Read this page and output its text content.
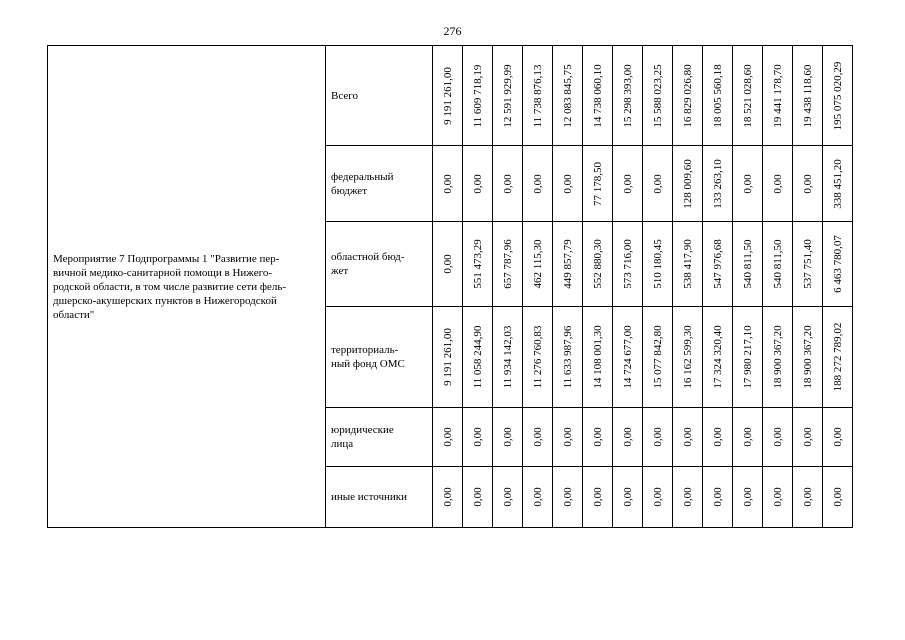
276
Мероприятие 7 Подпрограммы 1 "Развитие пер-
вичной медико-санитарной помощи в Нижего-
родской области, в том числе развитие сети фель-
дшерско-акушерских пунктов в Нижегородской
области"	Всего	9 191 261,00	11 609 718,19	12 591 929,99	11 738 876,13	12 083 845,75	14 738 060,10	15 298 393,00	15 588 023,25	16 829 026,80	18 005 560,18	18 521 028,60	19 441 178,70	19 438 118,60	195 075 020,29

	федеральный
бюджет	0,00	0,00	0,00	0,00	0,00	77 178,50	0,00	0,00	128 009,60	133 263,10	0,00	0,00	0,00	338 451,20

	областной бюд-
жет	0,00	551 473,29	657 787,96	462 115,30	449 857,79	552 880,30	573 716,00	510 180,45	538 417,90	547 976,68	540 811,50	540 811,50	537 751,40	6 463 780,07

	территориаль-
ный фонд ОМС	9 191 261,00	11 058 244,90	11 934 142,03	11 276 760,83	11 633 987,96	14 108 001,30	14 724 677,00	15 077 842,80	16 162 599,30	17 324 320,40	17 980 217,10	18 900 367,20	18 900 367,20	188 272 789,02

	юридические
лица	0,00	0,00	0,00	0,00	0,00	0,00	0,00	0,00	0,00	0,00	0,00	0,00	0,00	0,00

	иные источники	0,00	0,00	0,00	0,00	0,00	0,00	0,00	0,00	0,00	0,00	0,00	0,00	0,00	0,00
